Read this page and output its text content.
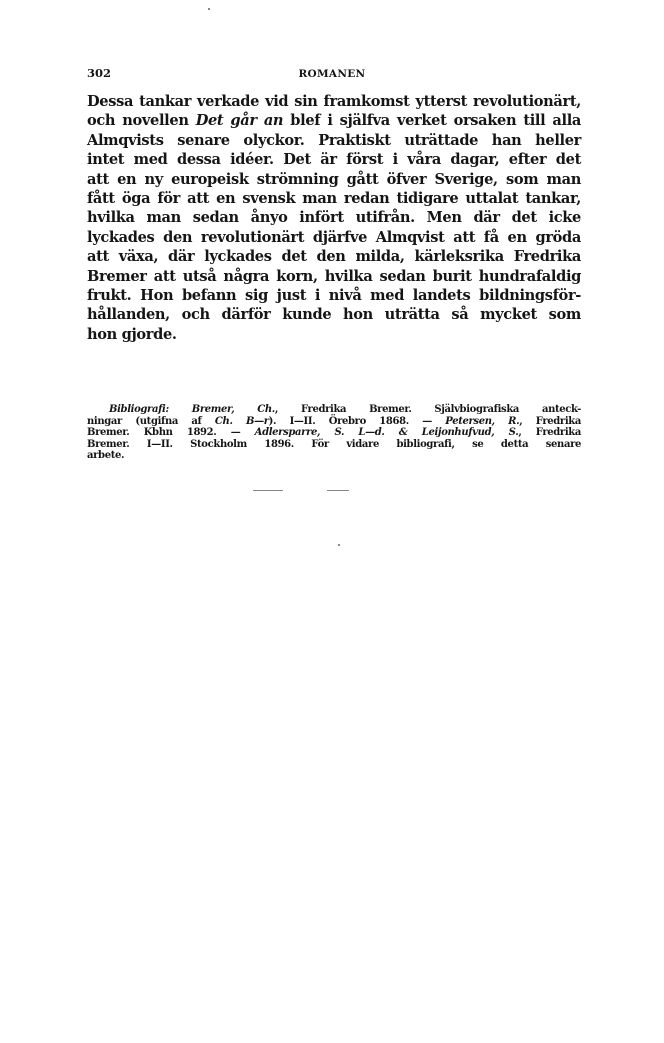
302	ROMANEN
Dessa tankar verkade vid sin framkomst ytterst revolutionärt,
och novellen Det går an blef i själfva verket orsaken till alla
Almqvists senare olyckor. Praktiskt uträttade han heller
intet med dessa idéer. Det är först i våra dagar, efter det
att en ny europeisk strömning gått öfver Sverige, som man
fått öga för att en svensk man redan tidigare uttalat tankar,
hvilka man sedan ånyo infört utifrån. Men där det icke
lyckades den revolutionärt djärfve Almqvist att få en gröda
att växa, där lyckades det den milda, kärleksrika Fredrika
Bremer att utså några korn, hvilka sedan burit hundrafaldig
frukt. Hon befann sig just i nivå med landets bildningsför-
hållanden, och därför kunde hon uträtta så mycket som
hon gjorde.
Bibliografi: Bremer, Ch., Fredrika Bremer. Självbiografiska anteck-
ningar (utgifna af Ch. B—r). I—II. Örebro 1868. — Petersen, R., Fredrika
Bremer. Kbhn 1892. — Adlersparre, S. L—d. & Leijonhufvud, S., Fredrika
Bremer. I—II. Stockholm 1896. För vidare bibliografi, se detta senare
arbete.
